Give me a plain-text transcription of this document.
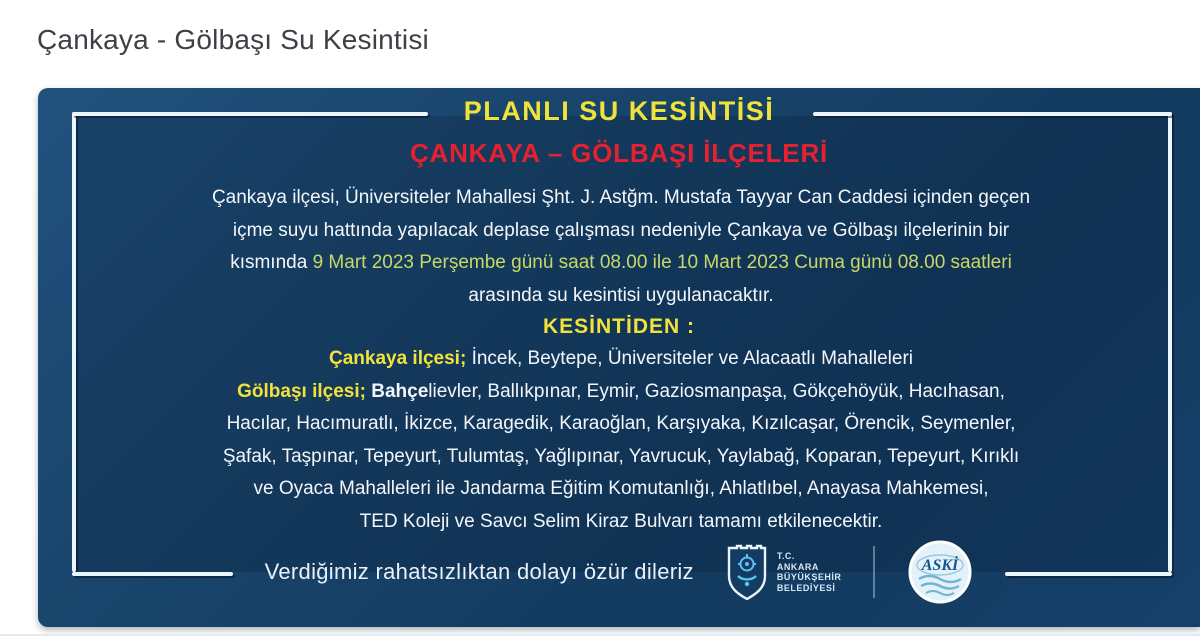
Çankaya - Gölbaşı Su Kesintisi
PLANLI SU KESİNTİSİ
ÇANKAYA – GÖLBAŞI İLÇELERİ
Çankaya ilçesi, Üniversiteler Mahallesi Şht. J. Astğm. Mustafa Tayyar Can Caddesi içinden geçen
içme suyu hattında yapılacak deplase çalışması nedeniyle Çankaya ve Gölbaşı ilçelerinin bir
kısmında 9 Mart 2023 Perşembe günü saat 08.00 ile 10 Mart 2023 Cuma günü 08.00 saatleri
arasında su kesintisi uygulanacaktır.
KESİNTİDEN :
Çankaya ilçesi; İncek, Beytepe, Üniversiteler ve Alacaatlı Mahalleleri
Gölbaşı ilçesi; Bahçelievler, Ballıkpınar, Eymir, Gaziosmanpaşa, Gökçehöyük, Hacıhasan,
Hacılar, Hacımuratlı, İkizce, Karagedik, Karaoğlan, Karşıyaka, Kızılcaşar, Örencik, Seymenler,
Şafak, Taşpınar, Tepeyurt, Tulumtaş, Yağlıpınar, Yavrucuk, Yaylabağ, Koparan, Tepeyurt, Kırıklı
ve Oyaca Mahalleleri ile Jandarma Eğitim Komutanlığı, Ahlatlıbel, Anayasa Mahkemesi,
TED Koleji ve Savcı Selim Kiraz Bulvarı tamamı etkilenecektir.
Verdiğimiz rahatsızlıktan dolayı özür dileriz
T.C.
ANKARA
BÜYÜKŞEHİR
BELEDİYESİ
ASKİ
